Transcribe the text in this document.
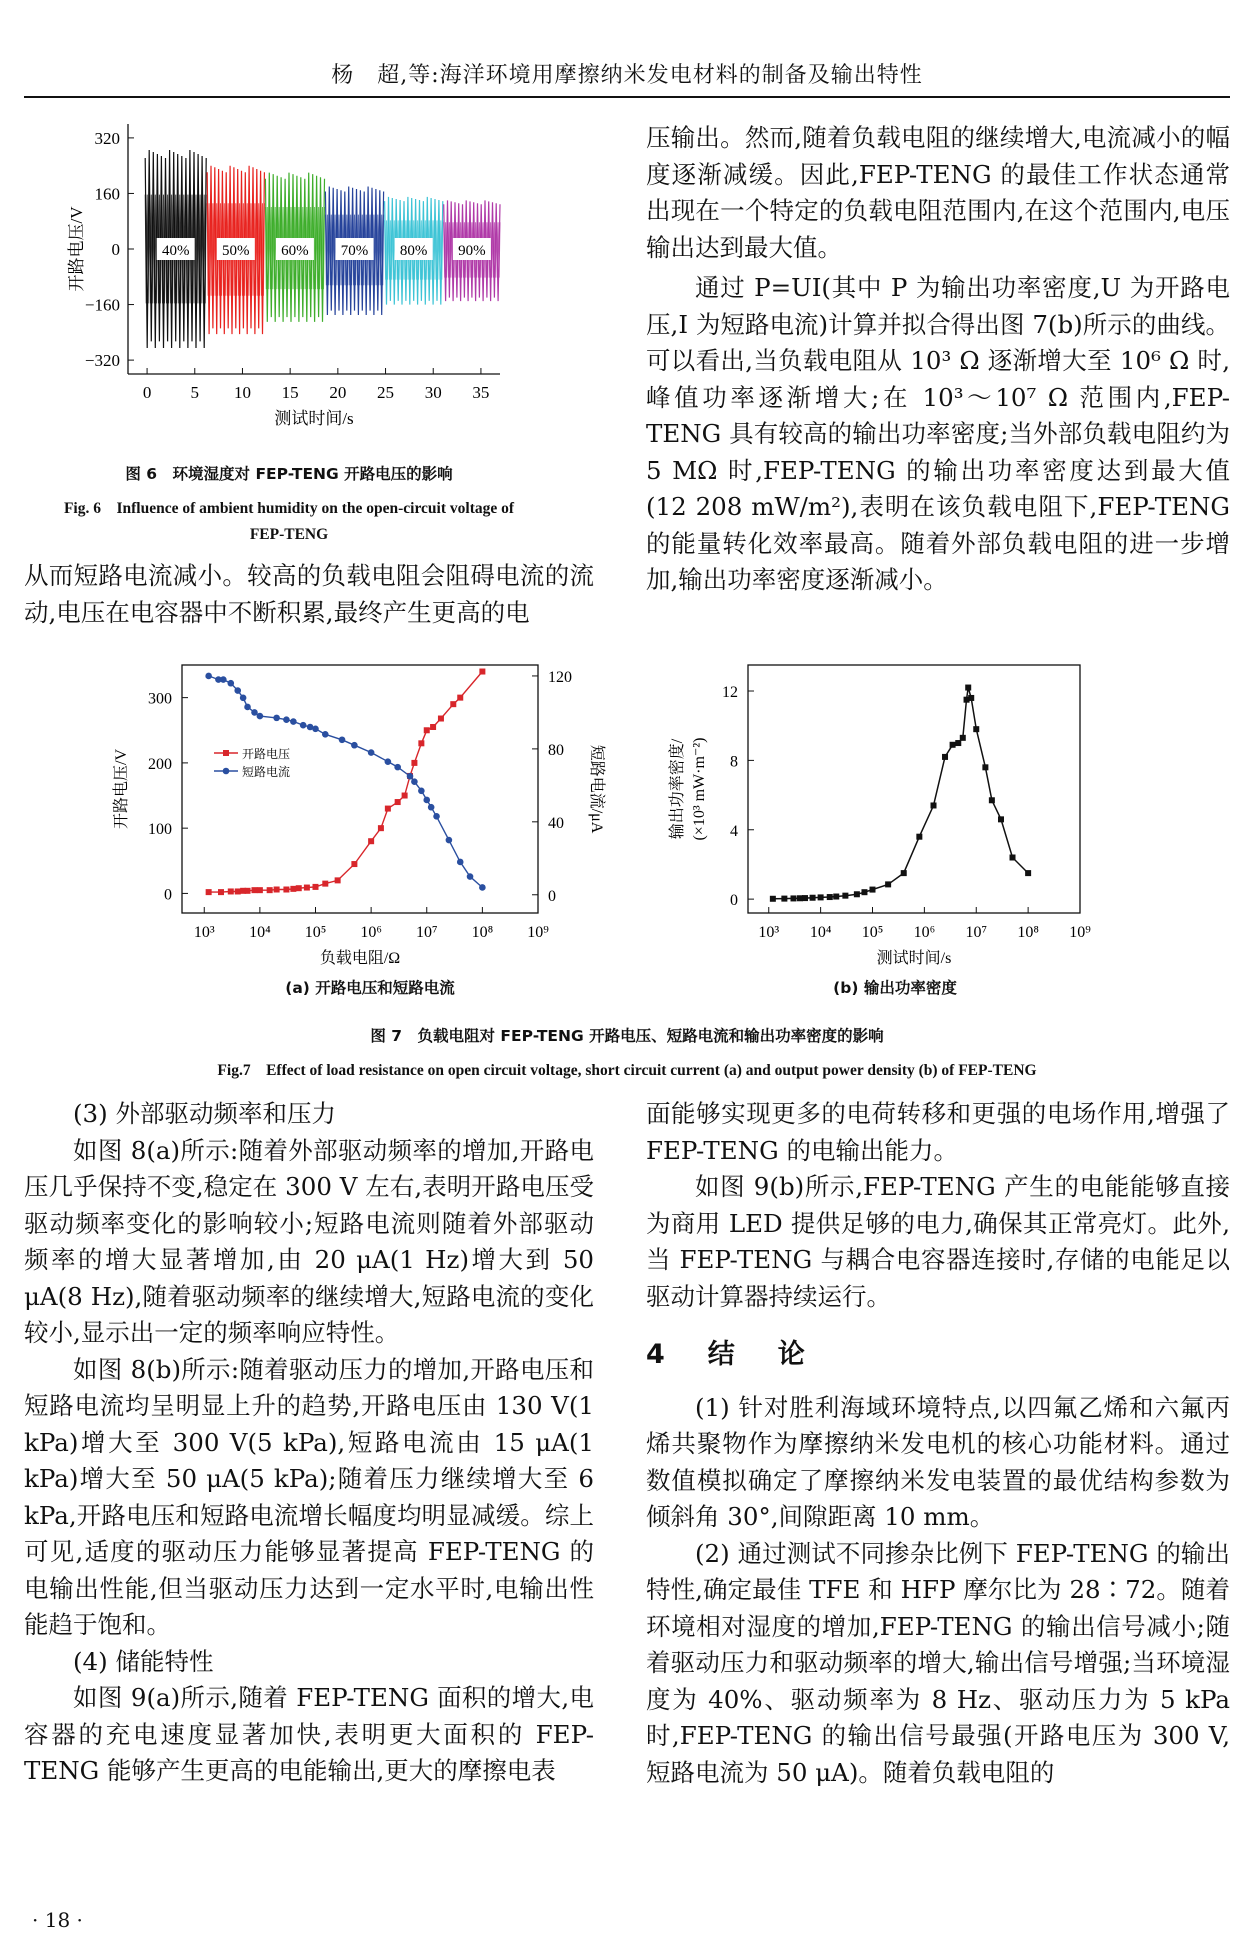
杨　超,等:海洋环境用摩擦纳米发电材料的制备及输出特性
320
160
0
−160
−320
0 5 10 15 20 25 30 35
测试时间/s
开路电压/V	40% 50% 60% 70% 80% 90%
图 6　环境湿度对 FEP-TENG 开路电压的影响
Fig. 6　Influence of ambient humidity on the open-circuit voltage of
FEP-TENG

从而短路电流减小。较高的负载电阻会阻碍电流的流动,电压在电容器中不断积累,最终产生更高的电

压输出。然而,随着负载电阻的继续增大,电流减小的幅度逐渐减缓。因此,FEP-TENG 的最佳工作状态通常出现在一个特定的负载电阻范围内,在这个范围内,电压输出达到最大值。

通过 P=UI(其中 P 为输出功率密度,U 为开路电压,I 为短路电流)计算并拟合得出图 7(b)所示的曲线。可以看出,当负载电阻从 10³ Ω 逐渐增大至 10⁶ Ω 时,峰值功率逐渐增大;在 10³～10⁷ Ω 范围内,FEP-TENG 具有较高的输出功率密度;当外部负载电阻约为 5 MΩ 时,FEP-TENG 的输出功率密度达到最大值(12 208 mW/m²),表明在该负载电阻下,FEP-TENG 的能量转化效率最高。随着外部负载电阻的进一步增加,输出功率密度逐渐减小。

10³ 10⁴ 10⁵ 10⁶ 10⁷ 10⁸ 10⁹
0
100
200
300
0
40
80
120
负载电阻/Ω
开路电压/V	短路电流/μA
开路电压
短路电流
10³ 10⁴ 10⁵ 10⁶ 10⁷ 10⁸ 10⁹
0
4
8
12
测试时间/s
输出功率密度/ (×10³ mW·m⁻²)
(a) 开路电压和短路电流	(b) 输出功率密度
图 7　负载电阻对 FEP-TENG 开路电压、短路电流和输出功率密度的影响
Fig.7　Effect of load resistance on open circuit voltage, short circuit current (a) and output power density (b) of FEP-TENG

(3) 外部驱动频率和压力

如图 8(a)所示:随着外部驱动频率的增加,开路电压几乎保持不变,稳定在 300 V 左右,表明开路电压受驱动频率变化的影响较小;短路电流则随着外部驱动频率的增大显著增加,由 20 μA(1 Hz)增大到 50 μA(8 Hz),随着驱动频率的继续增大,短路电流的变化较小,显示出一定的频率响应特性。

如图 8(b)所示:随着驱动压力的增加,开路电压和短路电流均呈明显上升的趋势,开路电压由 130 V(1 kPa)增大至 300 V(5 kPa),短路电流由 15 μA(1 kPa)增大至 50 μA(5 kPa);随着压力继续增大至 6 kPa,开路电压和短路电流增长幅度均明显减缓。综上可见,适度的驱动压力能够显著提高 FEP-TENG 的电输出性能,但当驱动压力达到一定水平时,电输出性能趋于饱和。

(4) 储能特性

如图 9(a)所示,随着 FEP-TENG 面积的增大,电容器的充电速度显著加快,表明更大面积的 FEP-TENG 能够产生更高的电能输出,更大的摩擦电表

面能够实现更多的电荷转移和更强的电场作用,增强了 FEP-TENG 的电输出能力。

如图 9(b)所示,FEP-TENG 产生的电能能够直接为商用 LED 提供足够的电力,确保其正常亮灯。此外,当 FEP-TENG 与耦合电容器连接时,存储的电能足以驱动计算器持续运行。

4　结　论

(1) 针对胜利海域环境特点,以四氟乙烯和六氟丙烯共聚物作为摩擦纳米发电机的核心功能材料。通过数值模拟确定了摩擦纳米发电装置的最优结构参数为倾斜角 30°,间隙距离 10 mm。

(2) 通过测试不同掺杂比例下 FEP-TENG 的输出特性,确定最佳 TFE 和 HFP 摩尔比为 28∶72。随着环境相对湿度的增加,FEP-TENG 的输出信号减小;随着驱动压力和驱动频率的增大,输出信号增强;当环境湿度为 40%、驱动频率为 8 Hz、驱动压力为 5 kPa 时,FEP-TENG 的输出信号最强(开路电压为 300 V,短路电流为 50 μA)。随着负载电阻的

· 18 ·
